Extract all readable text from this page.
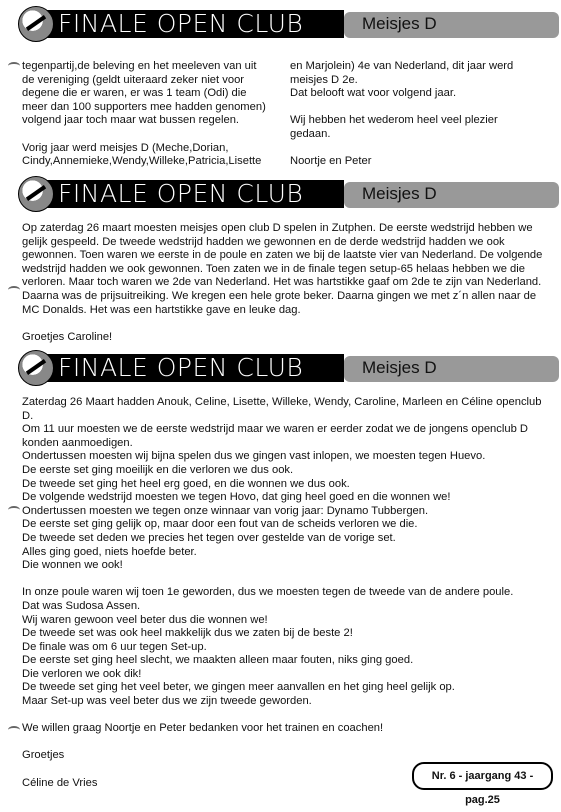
FINALE OPEN CLUB	Meisjes D

tegenpartij,de beleving en het meeleven van uit

de vereniging (geldt uiteraard zeker niet voor

degene die er waren, er was 1 team (Odi) die

meer dan 100 supporters mee hadden genomen)

volgend jaar toch maar wat bussen regelen.

Vorig jaar werd meisjes D (Meche,Dorian,

Cindy,Annemieke,Wendy,Willeke,Patricia,Lisette

en Marjolein) 4e van Nederland, dit jaar werd

meisjes D 2e.

Dat belooft wat voor volgend jaar.

Wij hebben het wederom heel veel plezier

gedaan.

Noortje en Peter

FINALE OPEN CLUB	Meisjes D

Op zaterdag 26 maart moesten meisjes open club D spelen in Zutphen. De eerste wedstrijd hebben we

gelijk gespeeld. De tweede wedstrijd hadden we gewonnen en de derde wedstrijd hadden we ook

gewonnen. Toen waren we eerste in de poule en zaten we bij de laatste vier van Nederland. De volgende

wedstrijd hadden we ook gewonnen. Toen zaten we in de finale tegen setup-65 helaas hebben we die

verloren. Maar toch waren we 2de van Nederland. Het was hartstikke gaaf om 2de te zijn van Nederland.

Daarna was de prijsuitreiking. We kregen een hele grote beker. Daarna gingen we met z´n allen naar de

MC Donalds. Het was een hartstikke gave en leuke dag.

Groetjes Caroline!

FINALE OPEN CLUB	Meisjes D

Zaterdag 26 Maart hadden Anouk, Celine, Lisette, Willeke, Wendy, Caroline, Marleen en Céline openclub

D.

Om 11 uur moesten we de eerste wedstrijd maar we waren er eerder zodat we de jongens openclub D

konden aanmoedigen.

Ondertussen moesten wij bijna spelen dus we gingen vast inlopen, we moesten tegen Huevo.

De eerste set ging moeilijk en die verloren we dus ook.

De tweede set ging het heel erg goed, en die wonnen we dus ook.

De volgende wedstrijd moesten we tegen Hovo, dat ging heel goed en die wonnen we!

Ondertussen moesten we tegen onze winnaar van vorig jaar: Dynamo Tubbergen.

De eerste set ging gelijk op, maar door een fout van de scheids verloren we die.

De tweede set deden we precies het tegen over gestelde van de vorige set.

Alles ging goed, niets hoefde beter.

Die wonnen we ook!

In onze poule waren wij toen 1e geworden, dus we moesten tegen de tweede van de andere poule.

Dat was Sudosa Assen.

Wij waren gewoon veel beter dus die wonnen we!

De tweede set was ook heel makkelijk dus we zaten bij de beste 2!

De finale was om 6 uur tegen Set-up.

De eerste set ging heel slecht, we maakten alleen maar fouten, niks ging goed.

Die verloren we ook dik!

De tweede set ging het veel beter, we gingen meer aanvallen en het ging heel gelijk op.

Maar Set-up was veel beter dus we zijn tweede geworden.

We willen graag Noortje en Peter bedanken voor het trainen en coachen!

Groetjes

Céline de Vries

Nr. 6 - jaargang 43 - pag.25
